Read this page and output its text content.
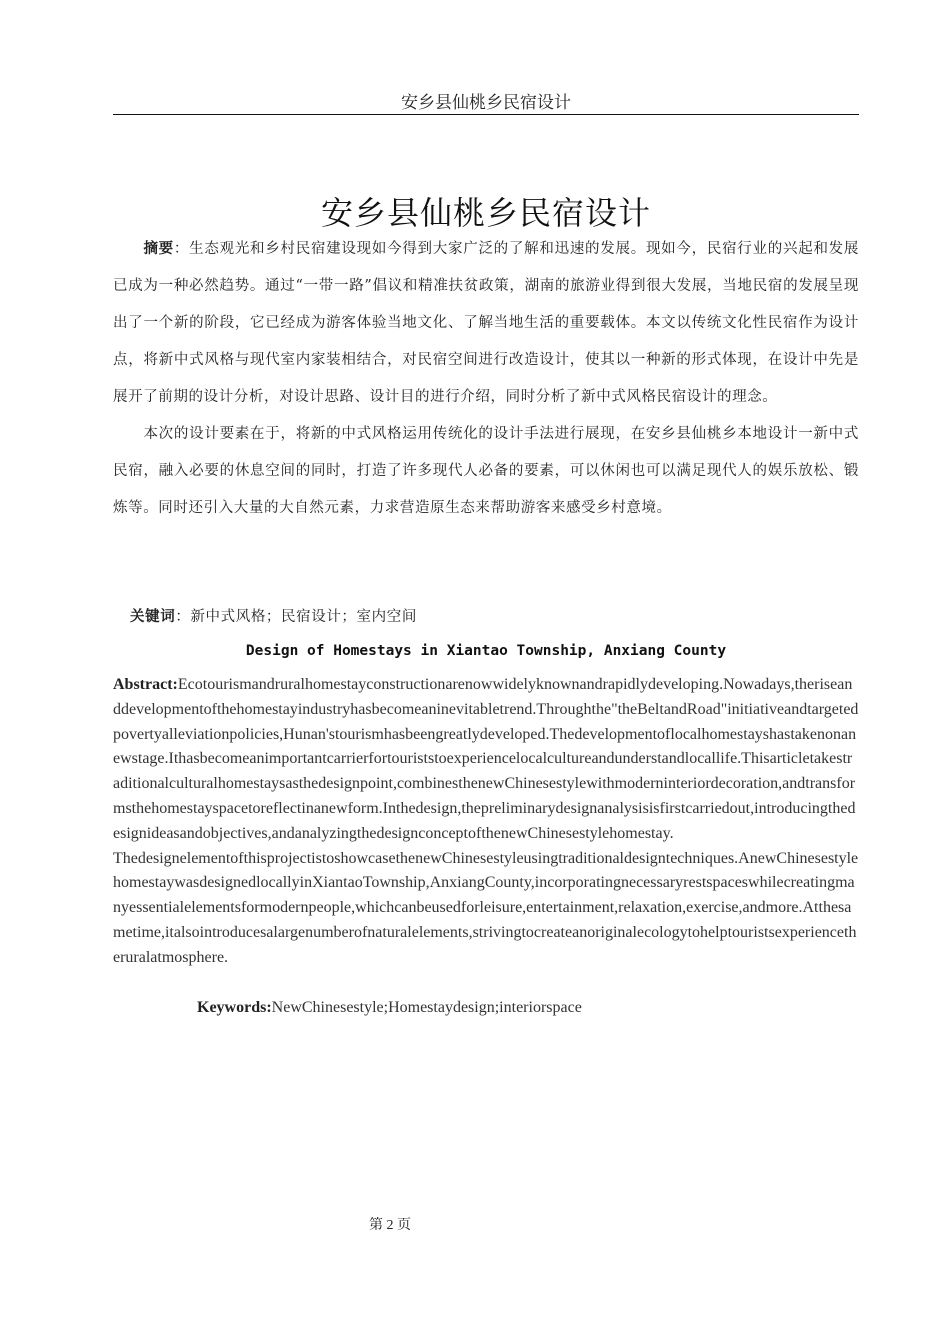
安乡县仙桃乡民宿设计
安乡县仙桃乡民宿设计

摘要：生态观光和乡村民宿建设现如今得到大家广泛的了解和迅速的发展。现如今，民宿行业的兴起和发展已成为一种必然趋势。通过“一带一路”倡议和精准扶贫政策，湖南的旅游业得到很大发展，当地民宿的发展呈现出了一个新的阶段，它已经成为游客体验当地文化、了解当地生活的重要载体。本文以传统文化性民宿作为设计点，将新中式风格与现代室内家装相结合，对民宿空间进行改造设计，使其以一种新的形式体现，在设计中先是展开了前期的设计分析，对设计思路、设计目的进行介绍，同时分析了新中式风格民宿设计的理念。

本次的设计要素在于，将新的中式风格运用传统化的设计手法进行展现，在安乡县仙桃乡本地设计一新中式民宿，融入必要的休息空间的同时，打造了许多现代人必备的要素，可以休闲也可以满足现代人的娱乐放松、锻炼等。同时还引入大量的大自然元素，力求营造原生态来帮助游客来感受乡村意境。

关键词：新中式风格；民宿设计；室内空间
Design of Homestays in Xiantao Township, Anxiang County

Abstract:Ecotourismandruralhomestayconstructionarenowwidelyknownandrapidlydeveloping.Nowadays,theriseanddevelopmentofthehomestayindustryhasbecomeaninevitabletrend.Throughthe"theBeltandRoad"initiativeandtargetedpovertyalleviationpolicies,Hunan'stourismhasbeengreatlydeveloped.Thedevelopmentoflocalhomestayshastakenonanewstage.Ithasbecomeanimportantcarrierfortouriststoexperiencelocalcultureandunderstandlocallife.Thisarticletakestraditionalculturalhomestaysasthedesignpoint,combinesthenewChinesestylewithmoderninteriordecoration,andtransformsthehomestayspacetoreflectinanewform.Inthedesign,thepreliminarydesignanalysisisfirstcarriedout,introducingthedesignideasandobjectives,andanalyzingthedesignconceptofthenewChinesestylehomestay.

ThedesignelementofthisprojectistoshowcasethenewChinesestyleusingtraditionaldesigntechniques.AnewChinesestylehomestaywasdesignedlocallyinXiantaoTownship,AnxiangCounty,incorporatingnecessaryrestspaceswhilecreatingmanyessentialelementsformodernpeople,whichcanbeusedforleisure,entertainment,relaxation,exercise,andmore.Atthesametime,italsointroducesalargenumberofnaturalelements,strivingtocreateanoriginalecologytohelptouristsexperiencetheruralatmosphere.

Keywords:NewChinesestyle;Homestaydesign;interiorspace
第 2 页
